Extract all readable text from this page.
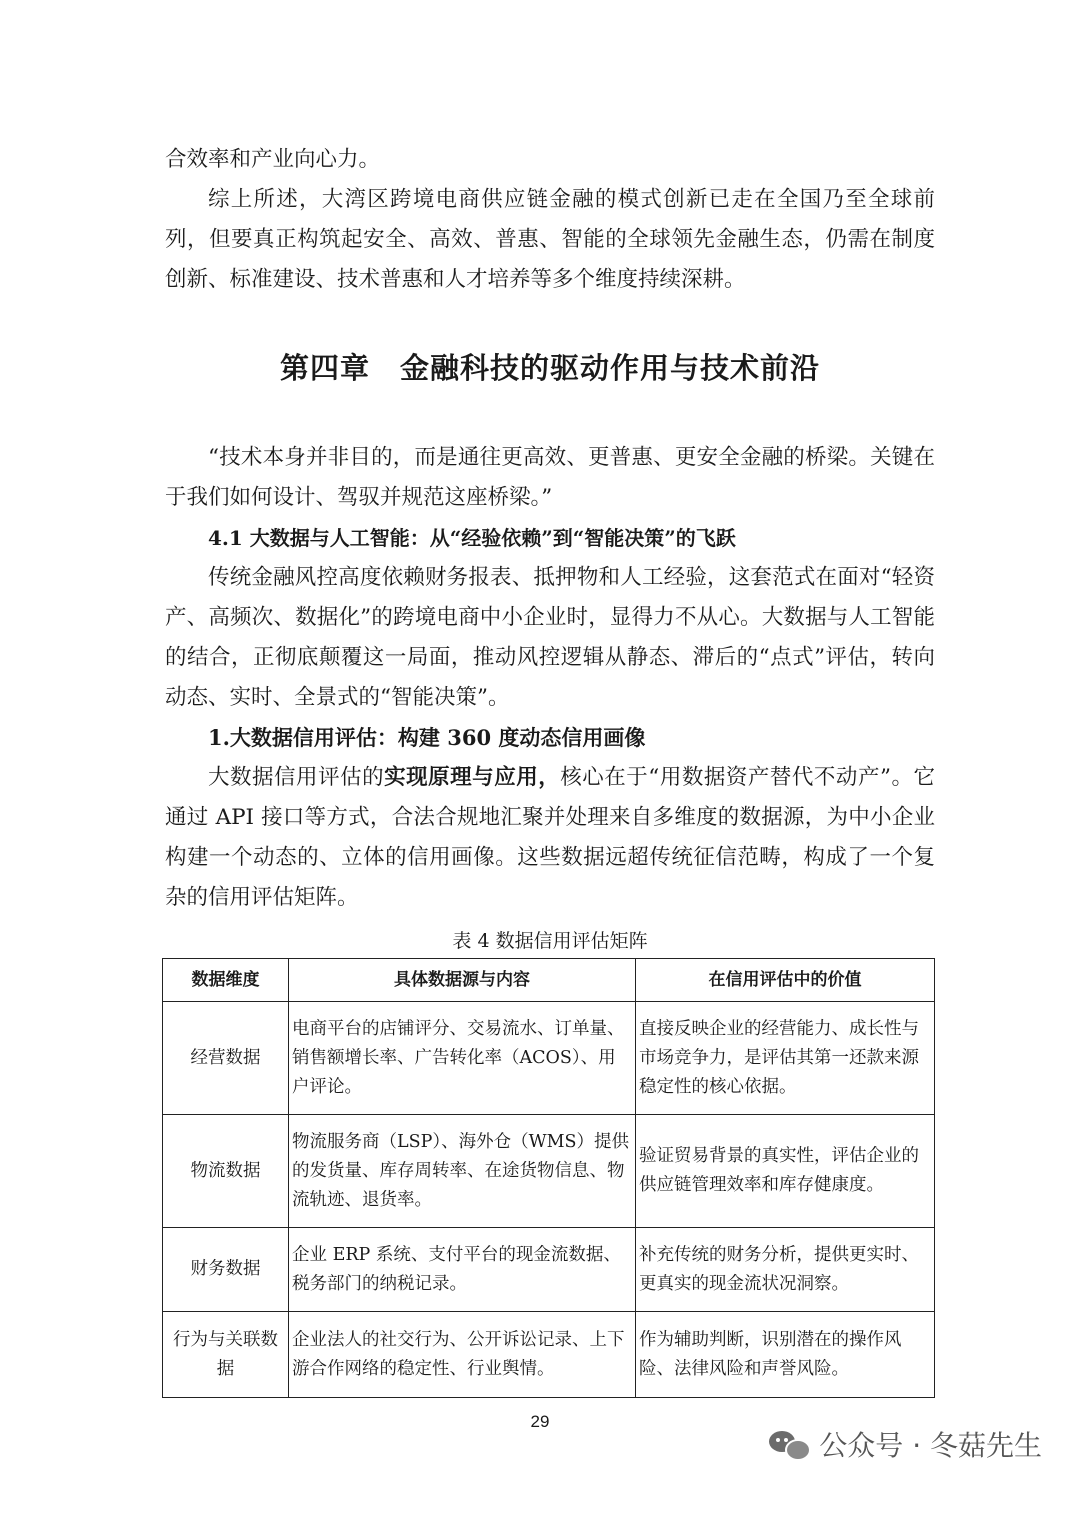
合效率和产业向心力。

综上所述，大湾区跨境电商供应链金融的模式创新已走在全国乃至全球前列，但要真正构筑起安全、高效、普惠、智能的全球领先金融生态，仍需在制度创新、标准建设、技术普惠和人才培养等多个维度持续深耕。

第四章　金融科技的驱动作用与技术前沿

“技术本身并非目的，而是通往更高效、更普惠、更安全金融的桥梁。关键在于我们如何设计、驾驭并规范这座桥梁。”

4.1 大数据与人工智能：从“经验依赖”到“智能决策”的飞跃

传统金融风控高度依赖财务报表、抵押物和人工经验，这套范式在面对“轻资产、高频次、数据化”的跨境电商中小企业时，显得力不从心。大数据与人工智能的结合，正彻底颠覆这一局面，推动风控逻辑从静态、滞后的“点式”评估，转向动态、实时、全景式的“智能决策”。

1.大数据信用评估：构建 360 度动态信用画像

大数据信用评估的实现原理与应用，核心在于“用数据资产替代不动产”。它通过 API 接口等方式，合法合规地汇聚并处理来自多维度的数据源，为中小企业构建一个动态的、立体的信用画像。这些数据远超传统征信范畴，构成了一个复杂的信用评估矩阵。

表 4 数据信用评估矩阵
数据维度	具体数据源与内容	在信用评估中的价值
经营数据	电商平台的店铺评分、交易流水、订单量、销售额增长率、广告转化率（ACOS）、用户评论。	直接反映企业的经营能力、成长性与市场竞争力，是评估其第一还款来源稳定性的核心依据。
物流数据	物流服务商（LSP）、海外仓（WMS）提供的发货量、库存周转率、在途货物信息、物流轨迹、退货率。	验证贸易背景的真实性，评估企业的供应链管理效率和库存健康度。
财务数据	企业 ERP 系统、支付平台的现金流数据、税务部门的纳税记录。	补充传统的财务分析，提供更实时、更真实的现金流状况洞察。
行为与关联数据	企业法人的社交行为、公开诉讼记录、上下游合作网络的稳定性、行业舆情。	作为辅助判断，识别潜在的操作风险、法律风险和声誉风险。
29
公众号 · 冬菇先生
